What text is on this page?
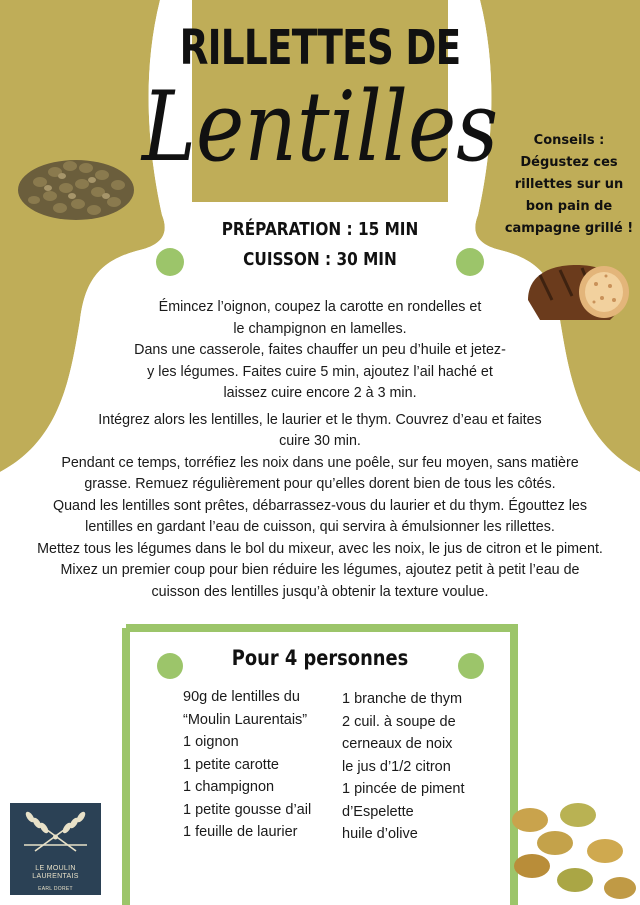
RILLETTES DE
Lentilles
PRÉPARATION : 15 MIN
CUISSON : 30 MIN
Conseils :
Dégustez ces
rillettes sur un
bon pain de
campagne grillé !

Émincez l’oignon, coupez la carotte en rondelles et
le champignon en lamelles.

Dans une casserole, faites chauffer un peu d’huile et jetez-
y les légumes. Faites cuire 5 min, ajoutez l’ail haché et
laissez cuire encore 2 à 3 min.

Intégrez alors les lentilles, le laurier et le thym. Couvrez d’eau et faites
cuire 30 min.

Pendant ce temps, torréfiez les noix dans une poêle, sur feu moyen, sans matière
grasse. Remuez régulièrement pour qu’elles dorent bien de tous les côtés.

Quand les lentilles sont prêtes, débarrassez-vous du laurier et du thym. Égouttez les
lentilles en gardant l’eau de cuisson, qui servira à émulsionner les rillettes.

Mettez tous les légumes dans le bol du mixeur, avec les noix, le jus de citron et le piment.

Mixez un premier coup pour bien réduire les légumes, ajoutez petit à petit l’eau de
cuisson des lentilles jusqu’à obtenir la texture voulue.

Pour 4 personnes
90g de lentilles du
“Moulin Laurentais”
1 oignon
1 petite carotte
1 champignon
1 petite gousse d’ail
1 feuille de laurier
1 branche de thym
2 cuil. à soupe de
cerneaux de noix
le jus d’1/2 citron
1 pincée de piment
d’Espelette
huile d’olive
LE MOULIN
LAURENTAIS
EARL DORET
